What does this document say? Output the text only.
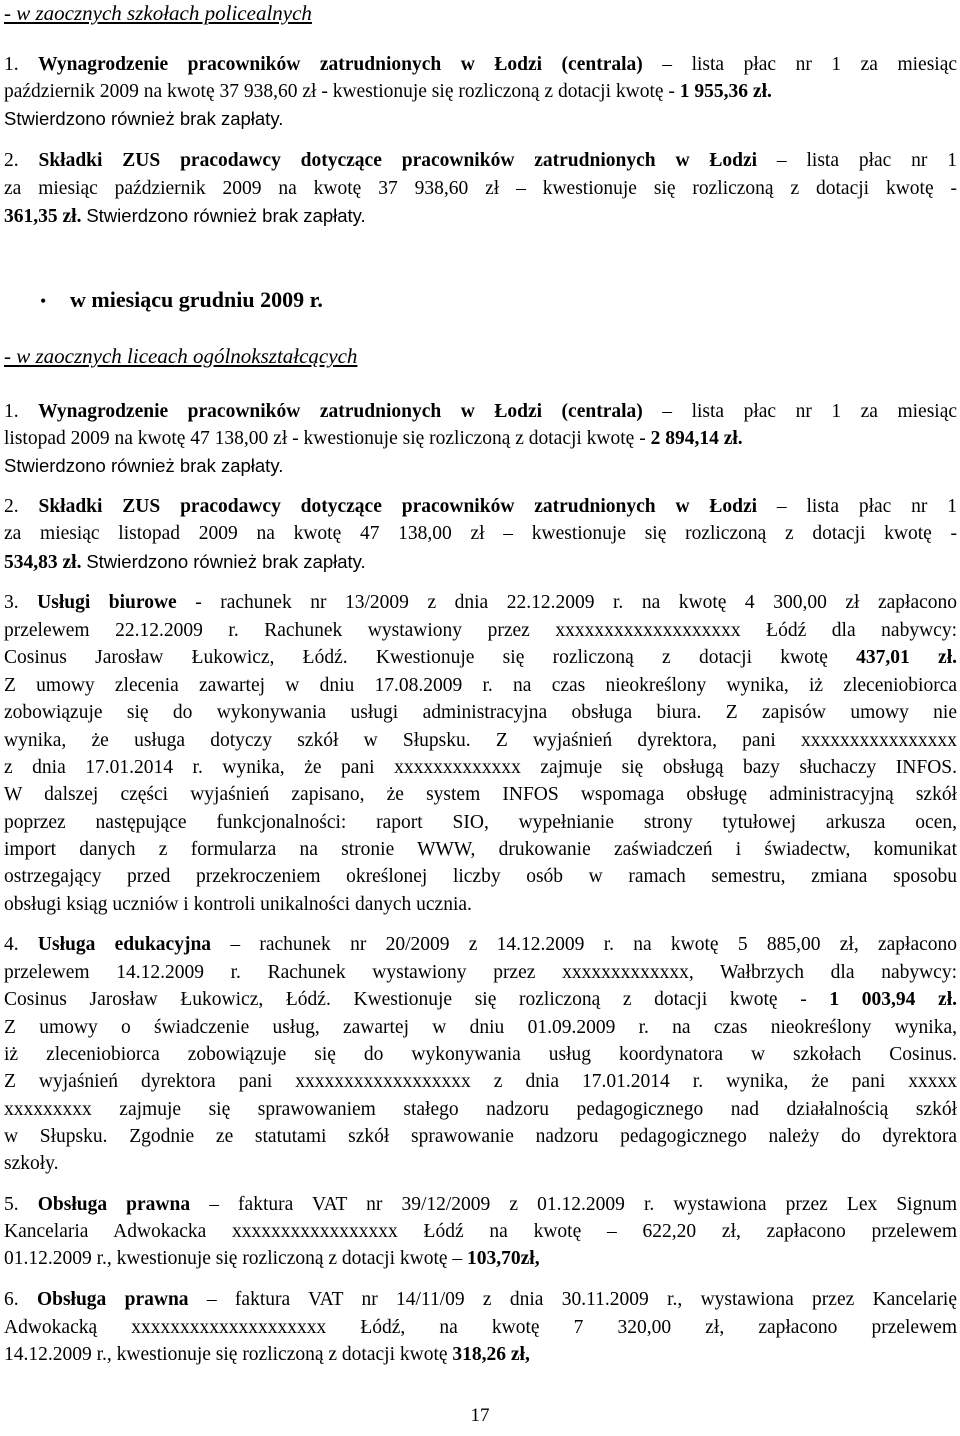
- w zaocznych szkołach policealnych
1. Wynagrodzenie pracowników zatrudnionych w Łodzi (centrala) – lista płac nr 1 za miesiąc
październik 2009 na kwotę 37 938,60 zł - kwestionuje się rozliczoną z dotacji kwotę - 1 955,36 zł.
Stwierdzono również brak zapłaty.
2. Składki ZUS pracodawcy dotyczące pracowników zatrudnionych w Łodzi – lista płac nr 1
za miesiąc październik 2009 na kwotę 37 938,60 zł – kwestionuje się rozliczoną z dotacji kwotę -
361,35 zł. Stwierdzono również brak zapłaty.
• w miesiącu grudniu 2009 r.
- w zaocznych liceach ogólnokształcących
1. Wynagrodzenie pracowników zatrudnionych w Łodzi (centrala) – lista płac nr 1 za miesiąc
listopad 2009 na kwotę 47 138,00 zł - kwestionuje się rozliczoną z dotacji kwotę - 2 894,14 zł.
Stwierdzono również brak zapłaty.
2. Składki ZUS pracodawcy dotyczące pracowników zatrudnionych w Łodzi – lista płac nr 1
za miesiąc listopad 2009 na kwotę 47 138,00 zł – kwestionuje się rozliczoną z dotacji kwotę -
534,83 zł. Stwierdzono również brak zapłaty.
3. Usługi biurowe - rachunek nr 13/2009 z dnia 22.12.2009 r. na kwotę 4 300,00 zł zapłacono
przelewem 22.12.2009 r. Rachunek wystawiony przez xxxxxxxxxxxxxxxxxxx Łódź dla nabywcy:
Cosinus Jarosław Łukowicz, Łódź. Kwestionuje się rozliczoną z dotacji kwotę 437,01 zł.
Z umowy zlecenia zawartej w dniu 17.08.2009 r. na czas nieokreślony wynika, iż zleceniobiorca
zobowiązuje się do wykonywania usługi administracyjna obsługa biura. Z zapisów umowy nie
wynika, że usługa dotyczy szkół w Słupsku. Z wyjaśnień dyrektora, pani xxxxxxxxxxxxxxxx
z dnia 17.01.2014 r. wynika, że pani xxxxxxxxxxxxx zajmuje się obsługą bazy słuchaczy INFOS.
W dalszej części wyjaśnień zapisano, że system INFOS wspomaga obsługę administracyjną szkół
poprzez następujące funkcjonalności: raport SIO, wypełnianie strony tytułowej arkusza ocen,
import danych z formularza na stronie WWW, drukowanie zaświadczeń i świadectw, komunikat
ostrzegający przed przekroczeniem określonej liczby osób w ramach semestru, zmiana sposobu
obsługi ksiąg uczniów i kontroli unikalności danych ucznia.
4. Usługa edukacyjna – rachunek nr 20/2009 z 14.12.2009 r. na kwotę 5 885,00 zł, zapłacono
przelewem 14.12.2009 r. Rachunek wystawiony przez xxxxxxxxxxxxx, Wałbrzych dla nabywcy:
Cosinus Jarosław Łukowicz, Łódź. Kwestionuje się rozliczoną z dotacji kwotę - 1 003,94 zł.
Z umowy o świadczenie usług, zawartej w dniu 01.09.2009 r. na czas nieokreślony wynika,
iż zleceniobiorca zobowiązuje się do wykonywania usług koordynatora w szkołach Cosinus.
Z wyjaśnień dyrektora pani xxxxxxxxxxxxxxxxxx z dnia 17.01.2014 r. wynika, że pani xxxxx
xxxxxxxxx zajmuje się sprawowaniem stałego nadzoru pedagogicznego nad działalnością szkół
w Słupsku. Zgodnie ze statutami szkół sprawowanie nadzoru pedagogicznego należy do dyrektora
szkoły.
5. Obsługa prawna – faktura VAT nr 39/12/2009 z 01.12.2009 r. wystawiona przez Lex Signum
Kancelaria Adwokacka xxxxxxxxxxxxxxxxx Łódź na kwotę – 622,20 zł, zapłacono przelewem
01.12.2009 r., kwestionuje się rozliczoną z dotacji kwotę – 103,70zł,
6. Obsługa prawna – faktura VAT nr 14/11/09 z dnia 30.11.2009 r., wystawiona przez Kancelarię
Adwokacką xxxxxxxxxxxxxxxxxxxx Łódź, na kwotę 7 320,00 zł, zapłacono przelewem
14.12.2009 r., kwestionuje się rozliczoną z dotacji kwotę 318,26 zł,
17
